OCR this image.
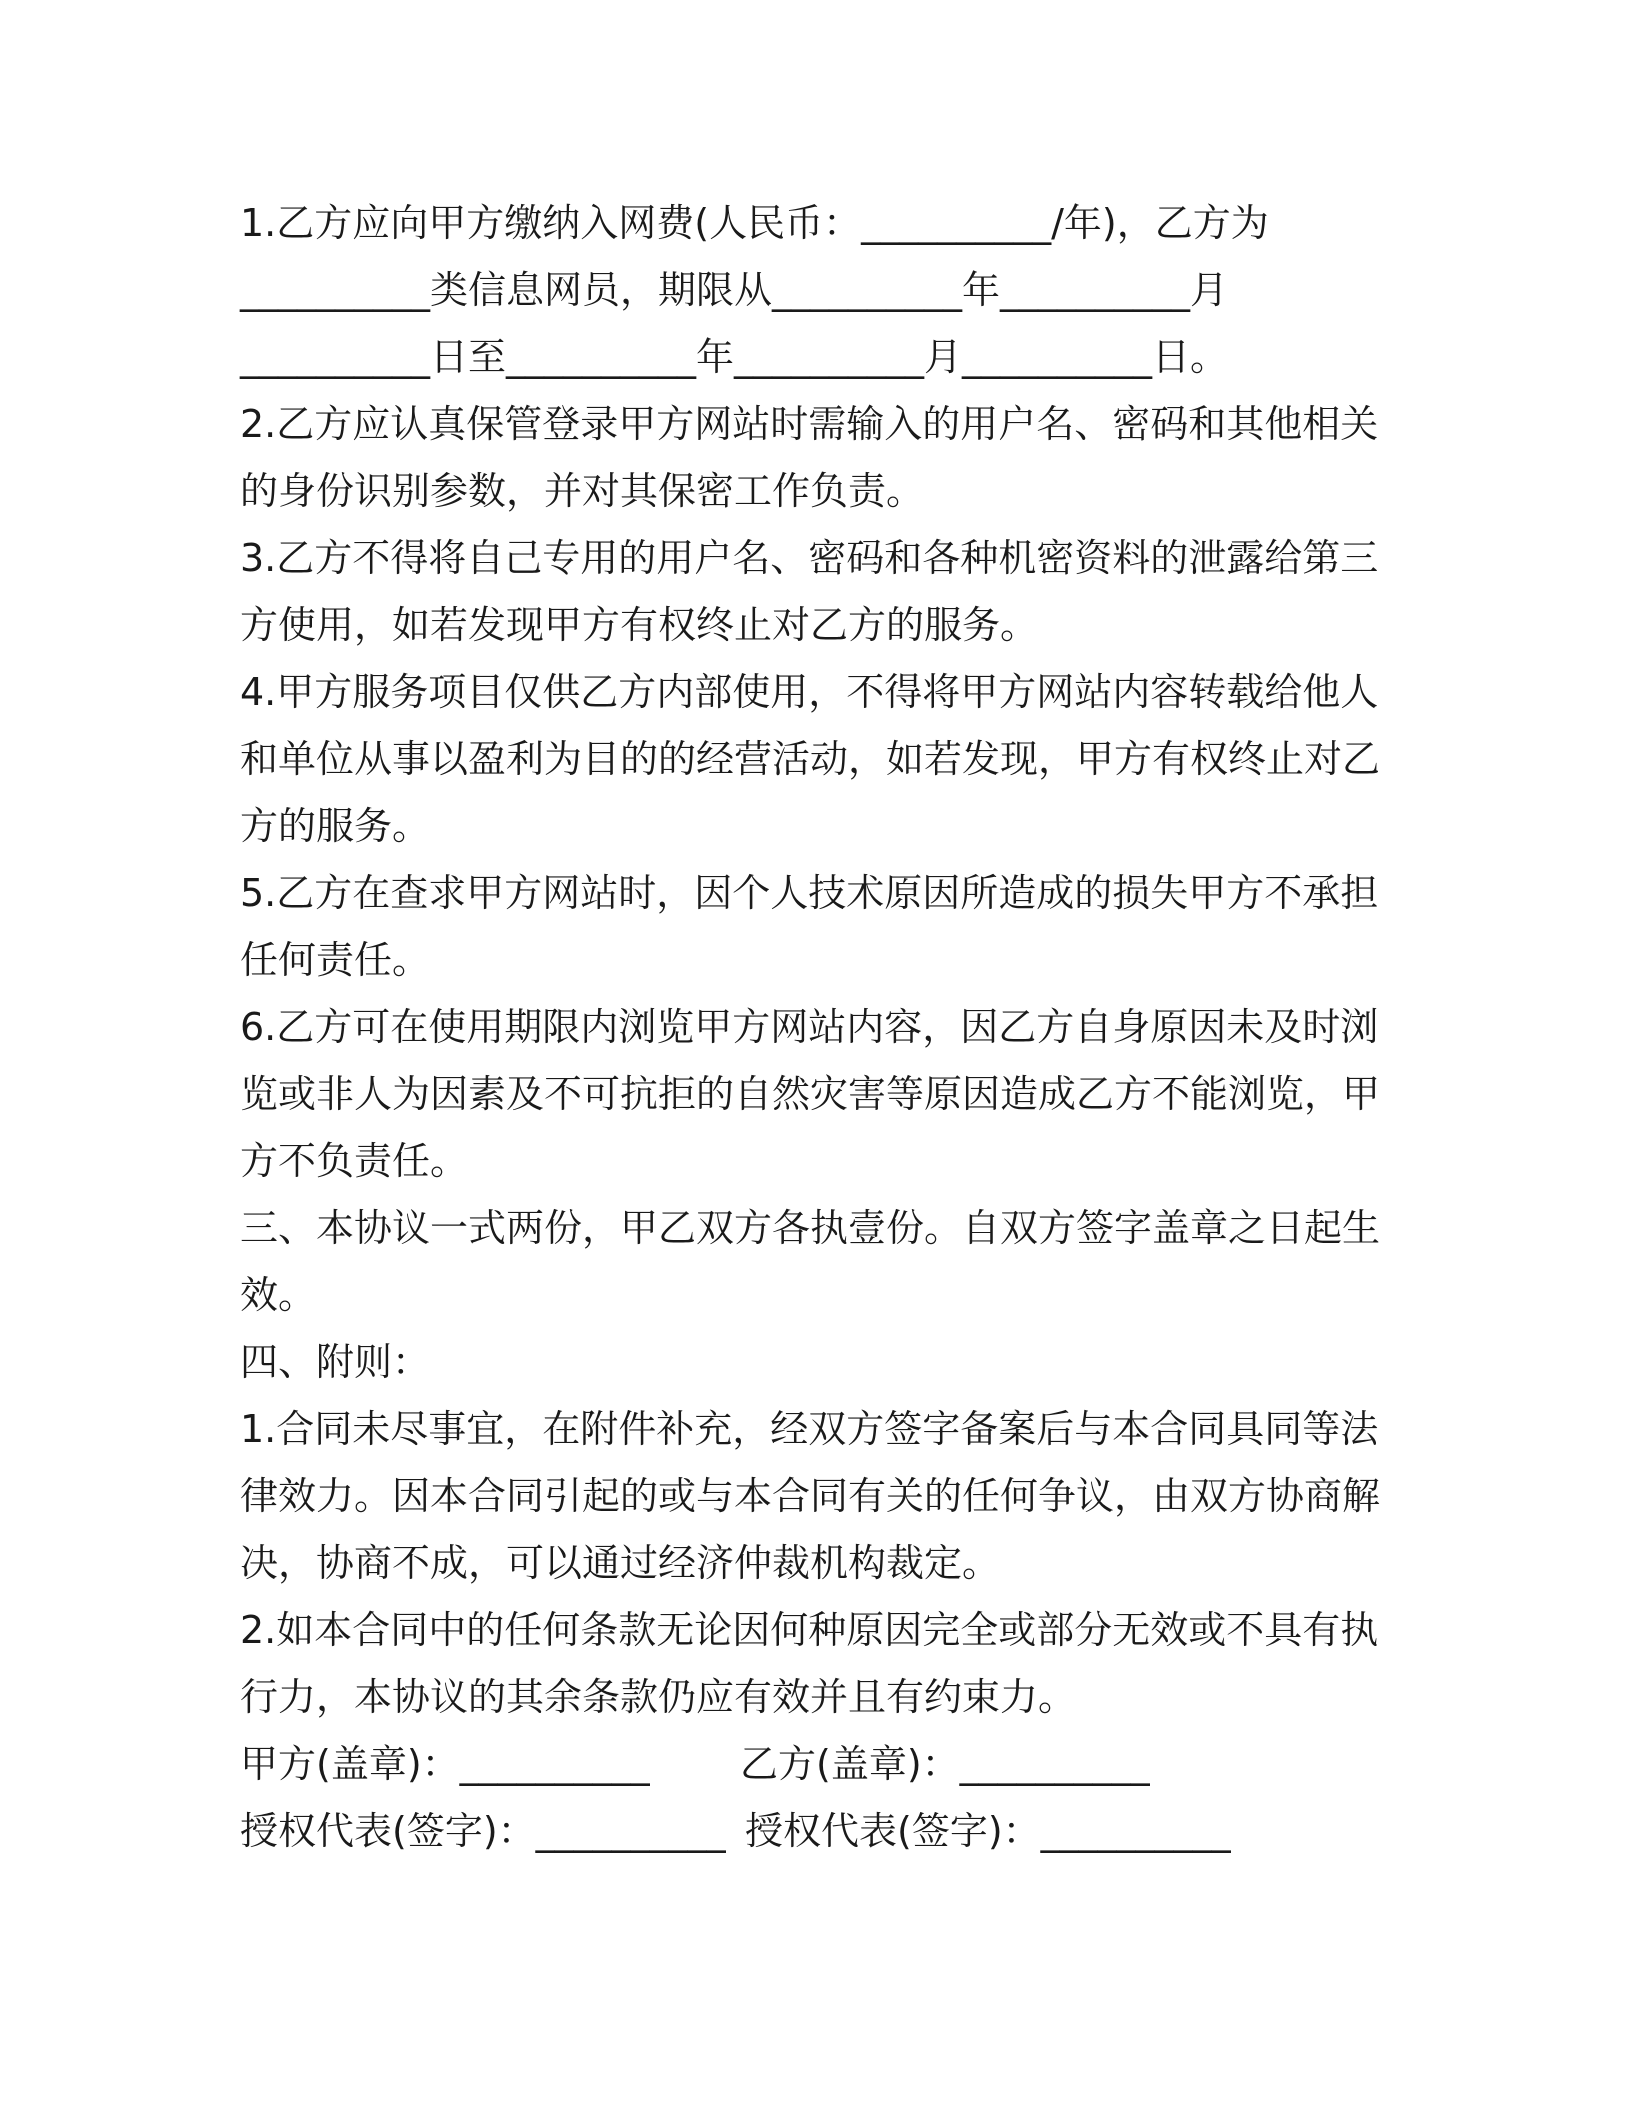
1.乙方应向甲方缴纳入网费(人民币：__________/年)，乙方为
__________类信息网员，期限从__________年__________月
__________日至__________年__________月__________日。
2.乙方应认真保管登录甲方网站时需输入的用户名、密码和其他相关
的身份识别参数，并对其保密工作负责。
3.乙方不得将自己专用的用户名、密码和各种机密资料的泄露给第三
方使用，如若发现甲方有权终止对乙方的服务。
4.甲方服务项目仅供乙方内部使用，不得将甲方网站内容转载给他人
和单位从事以盈利为目的的经营活动，如若发现，甲方有权终止对乙
方的服务。
5.乙方在查求甲方网站时，因个人技术原因所造成的损失甲方不承担
任何责任。
6.乙方可在使用期限内浏览甲方网站内容，因乙方自身原因未及时浏
览或非人为因素及不可抗拒的自然灾害等原因造成乙方不能浏览，甲
方不负责任。
三、本协议一式两份，甲乙双方各执壹份。自双方签字盖章之日起生
效。
四、附则：
1.合同未尽事宜，在附件补充，经双方签字备案后与本合同具同等法
律效力。因本合同引起的或与本合同有关的任何争议，由双方协商解
决，协商不成，可以通过经济仲裁机构裁定。
2.如本合同中的任何条款无论因何种原因完全或部分无效或不具有执
行力，本协议的其余条款仍应有效并且有约束力。

甲方(盖章)：__________

乙方(盖章)：__________

授权代表(签字)：__________

授权代表(签字)：__________
